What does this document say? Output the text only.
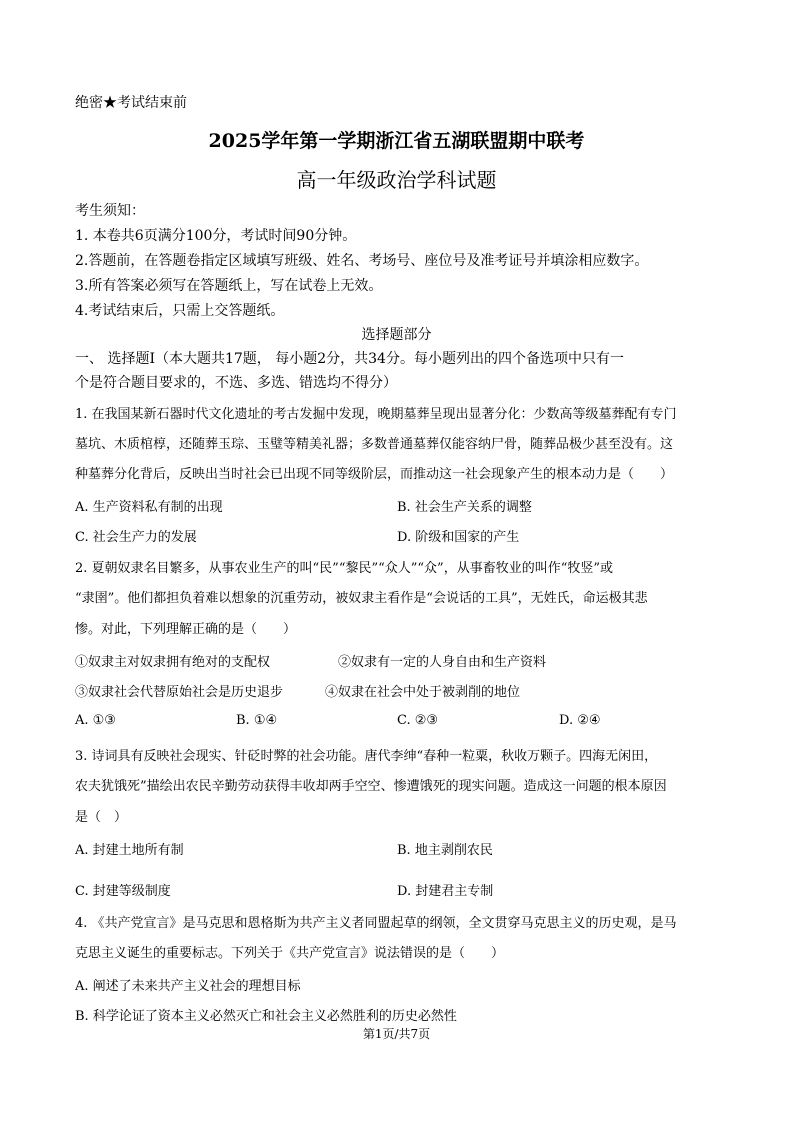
绝密★考试结束前
2025学年第一学期浙江省五湖联盟期中联考
高一年级政治学科试题
考生须知：
1. 本卷共6页满分100分，考试时间90分钟。
2.答题前，在答题卷指定区域填写班级、姓名、考场号、座位号及准考证号并填涂相应数字。
3.所有答案必须写在答题纸上，写在试卷上无效。
4.考试结束后，只需上交答题纸。
选择题部分
一、 选择题Ⅰ（本大题共17题， 每小题2分，共34分。每小题列出的四个备选项中只有一
个是符合题目要求的，不选、多选、错选均不得分）
1. 在我国某新石器时代文化遗址的考古发掘中发现，晚期墓葬呈现出显著分化：少数高等级墓葬配有专门
墓坑、木质棺椁，还随葬玉琮、玉璧等精美礼器；多数普通墓葬仅能容纳尸骨，随葬品极少甚至没有。这
种墓葬分化背后，反映出当时社会已出现不同等级阶层，而推动这一社会现象产生的根本动力是（　　）
A. 生产资料私有制的出现	B. 社会生产关系的调整
C. 社会生产力的发展	D. 阶级和国家的产生
2. 夏朝奴隶名目繁多，从事农业生产的叫“民”“黎民”“众人”“众”，从事畜牧业的叫作“牧竖”或
“隶圉”。他们都担负着难以想象的沉重劳动，被奴隶主看作是“会说话的工具”，无姓氏，命运极其悲
惨。对此，下列理解正确的是（　　）
①奴隶主对奴隶拥有绝对的支配权	②奴隶有一定的人身自由和生产资料
③奴隶社会代替原始社会是历史退步	④奴隶在社会中处于被剥削的地位
A. ①③	B. ①④	C. ②③	D. ②④
3. 诗词具有反映社会现实、针砭时弊的社会功能。唐代李绅“春种一粒粟，秋收万颗子。四海无闲田，
农夫犹饿死”描绘出农民辛勤劳动获得丰收却两手空空、惨遭饿死的现实问题。造成这一问题的根本原因
是（　）
A. 封建土地所有制	B. 地主剥削农民
C. 封建等级制度	D. 封建君主专制
4. 《共产党宣言》是马克思和恩格斯为共产主义者同盟起草的纲领，全文贯穿马克思主义的历史观，是马
克思主义诞生的重要标志。下列关于《共产党宣言》说法错误的是（　　）
A. 阐述了未来共产主义社会的理想目标
B. 科学论证了资本主义必然灭亡和社会主义必然胜利的历史必然性
第1页/共7页
